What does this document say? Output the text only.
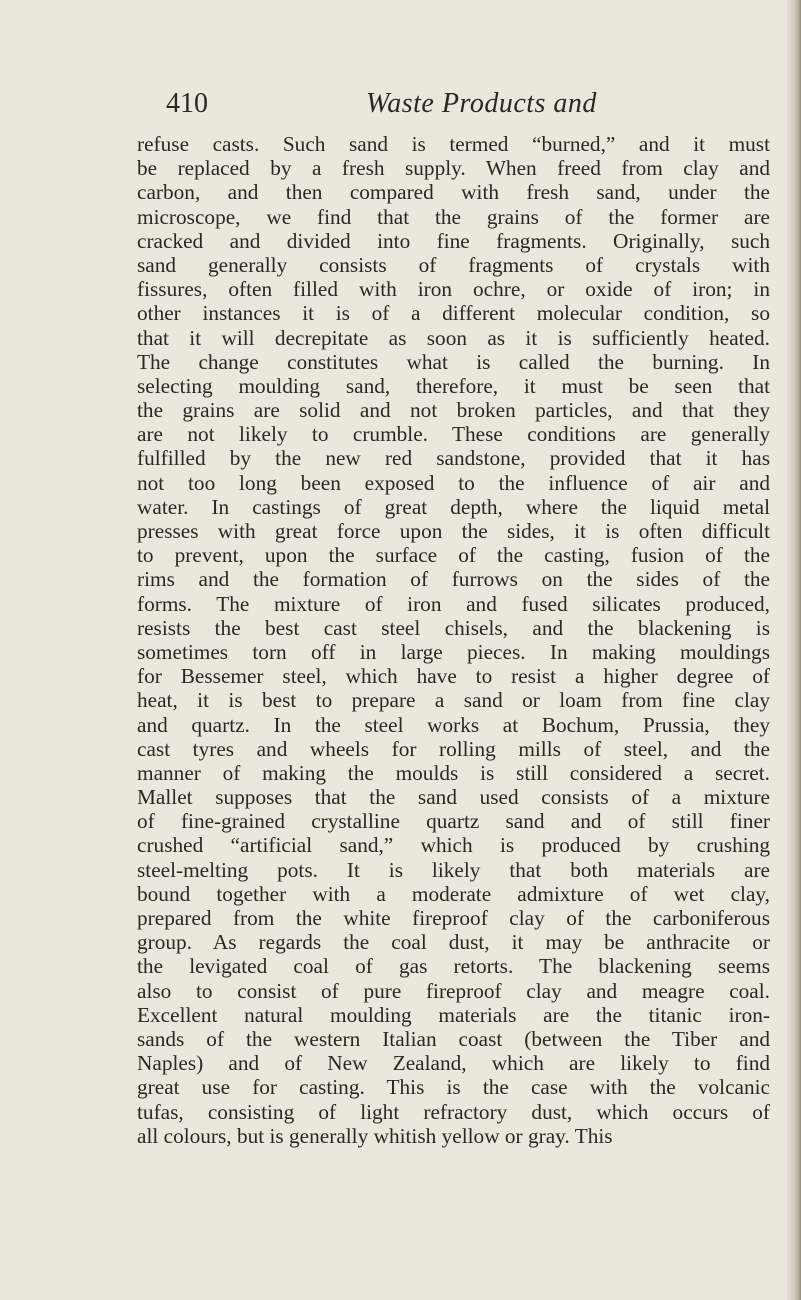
410	Waste Products and
refuse casts. Such sand is termed “burned,” and it must
be replaced by a fresh supply. When freed from clay and
carbon, and then compared with fresh sand, under the
microscope, we find that the grains of the former are
cracked and divided into fine fragments. Originally, such
sand generally consists of fragments of crystals with
fissures, often filled with iron ochre, or oxide of iron; in
other instances it is of a different molecular condition, so
that it will decrepitate as soon as it is sufficiently heated.
The change constitutes what is called the burning. In
selecting moulding sand, therefore, it must be seen that
the grains are solid and not broken particles, and that they
are not likely to crumble. These conditions are generally
fulfilled by the new red sandstone, provided that it has
not too long been exposed to the influence of air and
water. In castings of great depth, where the liquid metal
presses with great force upon the sides, it is often difficult
to prevent, upon the surface of the casting, fusion of the
rims and the formation of furrows on the sides of the
forms. The mixture of iron and fused silicates produced,
resists the best cast steel chisels, and the blackening is
sometimes torn off in large pieces. In making mouldings
for Bessemer steel, which have to resist a higher degree of
heat, it is best to prepare a sand or loam from fine clay
and quartz. In the steel works at Bochum, Prussia, they
cast tyres and wheels for rolling mills of steel, and the
manner of making the moulds is still considered a secret.
Mallet supposes that the sand used consists of a mixture
of fine-grained crystalline quartz sand and of still finer
crushed “artificial sand,” which is produced by crushing
steel-melting pots. It is likely that both materials are
bound together with a moderate admixture of wet clay,
prepared from the white fireproof clay of the carboniferous
group. As regards the coal dust, it may be anthracite or
the levigated coal of gas retorts. The blackening seems
also to consist of pure fireproof clay and meagre coal.
Excellent natural moulding materials are the titanic iron-
sands of the western Italian coast (between the Tiber and
Naples) and of New Zealand, which are likely to find
great use for casting. This is the case with the volcanic
tufas, consisting of light refractory dust, which occurs of
all colours, but is generally whitish yellow or gray. This
